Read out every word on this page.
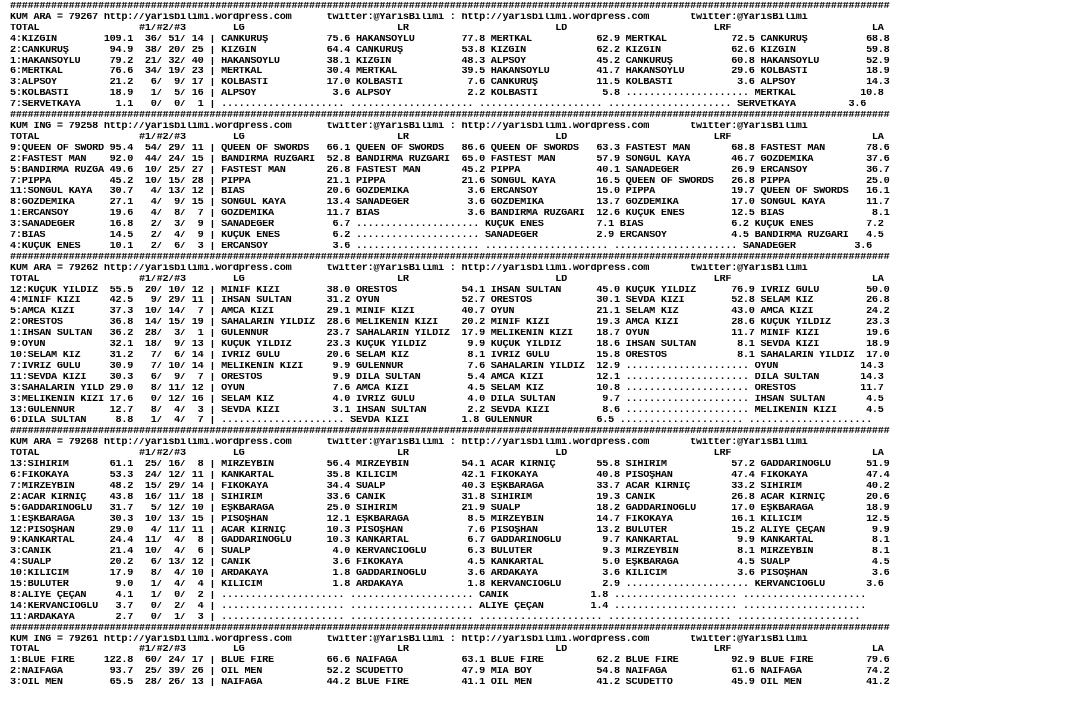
######################################################################################################################################################
KUM ARA = 79267 http://yarisbilimi.wordpress.com      twitter:@YarisBilimi : http://yarisbilimi.wordpress.com       twitter:@YarisBilimi
TOTAL                 #1/#2/#3        LG                          LR                         LD                         LRF                        LA
4:KIZGIN        109.1  36/ 51/ 14 | CANKURUŞ          75.6 HAKANSOYLU        77.8 MERTKAL           62.9 MERTKAL           72.5 CANKURUŞ          68.8
2:CANKURUŞ       94.9  38/ 20/ 25 | KIZGIN            64.4 CANKURUŞ          53.8 KIZGIN            62.2 KIZGIN            62.6 KIZGIN            59.8
1:HAKANSOYLU     79.2  21/ 32/ 40 | HAKANSOYLU        38.1 KIZGIN            48.3 ALPSOY            45.2 CANKURUŞ          60.8 HAKANSOYLU        52.9
6:MERTKAL        76.6  34/ 19/ 23 | MERTKAL           30.4 MERTKAL           39.5 HAKANSOYLU        41.7 HAKANSOYLU        29.6 KOLBASTI          18.9
3:ALPSOY         21.2   6/  9/ 17 | KOLBASTI          17.0 KOLBASTI           7.6 CANKURUŞ          11.5 KOLBASTI           3.6 ALPSOY            14.3
5:KOLBASTI       18.9   1/  5/ 16 | ALPSOY             3.6 ALPSOY             2.2 KOLBASTI           5.8 ..................... MERTKAL           10.8
7:SERVETKAYA      1.1   0/  0/  1 | ..................... ..................... ..................... ..................... SERVETKAYA         3.6
######################################################################################################################################################
KUM ING = 79258 http://yarisbilimi.wordpress.com      twitter:@YarisBilimi : http://yarisbilimi.wordpress.com       twitter:@YarisBilimi
TOTAL                 #1/#2/#3        LG                          LR                         LD                         LRF                        LA
9:QUEEN OF SWORD 95.4  54/ 29/ 11 | QUEEN OF SWORDS   66.1 QUEEN OF SWORDS   86.6 QUEEN OF SWORDS   63.3 FASTEST MAN       68.8 FASTEST MAN       78.6
2:FASTEST MAN    92.0  44/ 24/ 15 | BANDIRMA RÜZGARI  52.8 BANDIRMA RÜZGARI  65.0 FASTEST MAN       57.9 SONGÜL KAYA       46.7 GÖZDEMİKA         37.6
5:BANDIRMA RÜZGA 49.6  10/ 25/ 27 | FASTEST MAN       26.8 FASTEST MAN       45.2 PIPPA             40.1 SANADEĞER         26.9 ERCANSOY          36.7
7:PIPPA          45.2  10/ 15/ 28 | PIPPA             21.1 PIPPA             21.6 SONGÜL KAYA       16.5 QUEEN OF SWORDS   26.8 PIPPA             25.0
11:SONGÜL KAYA   30.7   4/ 13/ 12 | BIAS              20.6 GÖZDEMİKA          3.6 ERCANSOY          15.0 PIPPA             19.7 QUEEN OF SWORDS   16.1
8:GÖZDEMİKA      27.1   4/  9/ 15 | SONGÜL KAYA       13.4 SANADEĞER          3.6 GÖZDEMİKA         13.7 GÖZDEMİKA         17.0 SONGÜL KAYA       11.7
1:ERCANSOY       19.6   4/  8/  7 | GÖZDEMİKA         11.7 BIAS               3.6 BANDIRMA RÜZGARI  12.6 KÜÇÜK ENES        12.5 BIAS               8.1
3:SANADEĞER      16.8   2/  3/  9 | SANADEĞER          6.7 ..................... KÜÇÜK ENES         7.1 BIAS               6.2 KÜÇÜK ENES         7.2
7:BIAS           14.5   2/  4/  9 | KÜÇÜK ENES         6.2 ..................... SANADEĞER          2.9 ERCANSOY           4.5 BANDIRMA RÜZGARI   4.5
4:KÜÇÜK ENES     10.1   2/  6/  3 | ERCANSOY           3.6 ..................... ..................... ..................... SANADEĞER          3.6
######################################################################################################################################################
KUM ARA = 79262 http://yarisbilimi.wordpress.com      twitter:@YarisBilimi : http://yarisbilimi.wordpress.com       twitter:@YarisBilimi
TOTAL                 #1/#2/#3        LG                          LR                         LD                         LRF                        LA
12:KÜÇÜK YILDIZ  55.5  20/ 10/ 12 | MİNİF KIZI        38.0 ORESTOS           54.1 İHSAN SULTAN      45.0 KÜÇÜK YILDIZ      76.9 İVRİZ GÜLÜ        50.0
4:MİNİF KIZI     42.5   9/ 29/ 11 | İHSAN SULTAN      31.2 OYUN              52.7 ORESTOS           30.1 SEVDA KIZI        52.8 SELAM KIZ         26.8
5:AMCA KIZI      37.3  10/ 14/  7 | AMCA KIZI         29.1 MİNİF KIZI        40.7 OYUN              21.1 SELAM KIZ         43.0 AMCA KIZI         24.2
2:ORESTOS        36.8  14/ 15/ 19 | SAHALARIN YILDIZ  28.6 MELİKENİN KIZI    20.2 MİNİF KIZI        19.3 AMCA KIZI         28.6 KÜÇÜK YILDIZ      23.3
1:İHSAN SULTAN   36.2  28/  3/  1 | GÜLENNUR          23.7 SAHALARIN YILDIZ  17.9 MELİKENİN KIZI    18.7 OYUN              11.7 MİNİF KIZI        19.6
9:OYUN           32.1  18/  9/ 13 | KÜÇÜK YILDIZ      23.3 KÜÇÜK YILDIZ       9.9 KÜÇÜK YILDIZ      18.6 İHSAN SULTAN       8.1 SEVDA KIZI        18.9
10:SELAM KIZ     31.2   7/  6/ 14 | İVRİZ GÜLÜ        20.6 SELAM KIZ          8.1 İVRİZ GÜLÜ        15.8 ORESTOS            8.1 SAHALARIN YILDIZ  17.0
7:İVRİZ GÜLÜ     30.9   7/ 10/ 14 | MELİKENİN KIZI     9.9 GÜLENNUR           7.6 SAHALARIN YILDIZ  12.9 ..................... OYUN              14.3
11:SEVDA KIZI    30.3   6/  9/  7 | ORESTOS            9.9 DİLA SULTAN        5.4 AMCA KIZI         12.1 ..................... DİLA SULTAN       14.3
3:SAHALARIN YILD 29.0   8/ 11/ 12 | OYUN               7.6 AMCA KIZI          4.5 SELAM KIZ         10.8 ..................... ORESTOS           11.7
3:MELİKENİN KIZI 17.6   0/ 12/ 16 | SELAM KIZ          4.0 İVRİZ GÜLÜ         4.0 DİLA SULTAN        9.7 ..................... İHSAN SULTAN       4.5
13:GÜLENNUR      12.7   8/  4/  3 | SEVDA KIZI         3.1 İHSAN SULTAN       2.2 SEVDA KIZI         8.6 ..................... MELİKENİN KIZI     4.5
6:DİLA SULTAN     8.8   1/  4/  7 | ..................... SEVDA KIZI         1.8 GÜLENNUR           6.5 ..................... .....................
######################################################################################################################################################
KUM ARA = 79268 http://yarisbilimi.wordpress.com      twitter:@YarisBilimi : http://yarisbilimi.wordpress.com       twitter:@YarisBilimi
TOTAL                 #1/#2/#3        LG                          LR                         LD                         LRF                        LA
13:SİHİRİM       61.1  25/ 16/  8 | MİRZEYBİN         56.4 MİRZEYBİN         54.1 ACAR KIRNIÇ       55.8 SİHİRİM           57.2 GADDARINOĞLU      51.9
6:FİKOKAYA       53.3  24/ 12/ 11 | KANKARTAL         35.8 KILICIM           42.1 FİKOKAYA          40.8 PİSOŞHAN          47.4 FİKOKAYA          47.4
7:MİRZEYBİN      48.2  15/ 29/ 14 | FİKOKAYA          34.4 SUALP             40.3 EŞKBARAĞA         33.7 ACAR KIRNIÇ       33.2 SİHİRİM           40.2
2:ACAR KIRNIÇ    43.8  16/ 11/ 18 | SİHİRİM           33.6 CANİK             31.8 SİHİRİM           19.3 CANİK             26.8 ACAR KIRNIÇ       20.6
5:GADDARINOĞLU   31.7   5/ 12/ 10 | EŞKBARAĞA         25.0 SİHİRİM           21.9 SUALP             18.2 GADDARINOĞLU      17.0 EŞKBARAĞA         18.9
1:EŞKBARAĞA      30.3  10/ 13/ 15 | PİSOŞHAN          12.1 EŞKBARAĞA          8.5 MİRZEYBİN         14.7 FİKOKAYA          16.1 KILICIM           12.5
12:PİSOŞHAN      29.0   4/ 11/ 11 | ACAR KIRNIÇ       10.3 PİSOŞHAN           7.6 PİSOŞHAN          13.2 BULUTER           15.2 ALİYE ÇEÇAN        9.9
9:KANKARTAL      24.4  11/  4/  8 | GADDARINOĞLU      10.3 KANKARTAL          6.7 GADDARINOĞLU       9.7 KANKARTAL          9.9 KANKARTAL          8.1
3:CANİK          21.4  10/  4/  6 | SUALP              4.0 KERVANCIOĞLU       6.3 BULUTER            9.3 MİRZEYBİN          8.1 MİRZEYBİN          8.1
4:SUALP          20.2   6/ 13/ 12 | CANİK              3.6 FİKOKAYA           4.5 KANKARTAL          5.0 EŞKBARAĞA          4.5 SUALP              4.5
10:KILICIM       17.9   8/  4/ 10 | ARDAKAYA           1.8 GADDARINOĞLU       3.6 ARDAKAYA           3.6 KILICIM            3.6 PİSOŞHAN           3.6
15:BULUTER        9.0   1/  4/  4 | KILICIM            1.8 ARDAKAYA           1.8 KERVANCIOĞLU       2.9 ..................... KERVANCIOĞLU       3.6
8:ALİYE ÇEÇAN     4.1   1/  0/  2 | ..................... ..................... CANİK              1.8 ..................... .....................
14:KERVANCIOĞLU   3.7   0/  2/  4 | ..................... ..................... ALİYE ÇEÇAN        1.4 ..................... .....................
11:ARDAKAYA       2.7   0/  1/  3 | ..................... ..................... ..................... ..................... .....................
######################################################################################################################################################
KUM ING = 79261 http://yarisbilimi.wordpress.com      twitter:@YarisBilimi : http://yarisbilimi.wordpress.com       twitter:@YarisBilimi
TOTAL                 #1/#2/#3        LG                          LR                         LD                         LRF                        LA
1:BLUE FIRE     122.8  60/ 24/ 17 | BLUE FIRE         66.6 NAIFAĞA           63.1 BLUE FIRE         62.2 BLUE FIRE         92.9 BLUE FIRE         79.6
2:NAIFAĞA        93.7  25/ 39/ 26 | OIL MEN           52.2 SCUDETTO          47.9 MIA BOY           54.8 NAIFAĞA           61.6 NAIFAĞA           74.2
3:OIL MEN        65.5  28/ 26/ 13 | NAIFAĞA           44.2 BLUE FIRE         41.1 OIL MEN           41.2 SCUDETTO          45.9 OIL MEN           41.2
